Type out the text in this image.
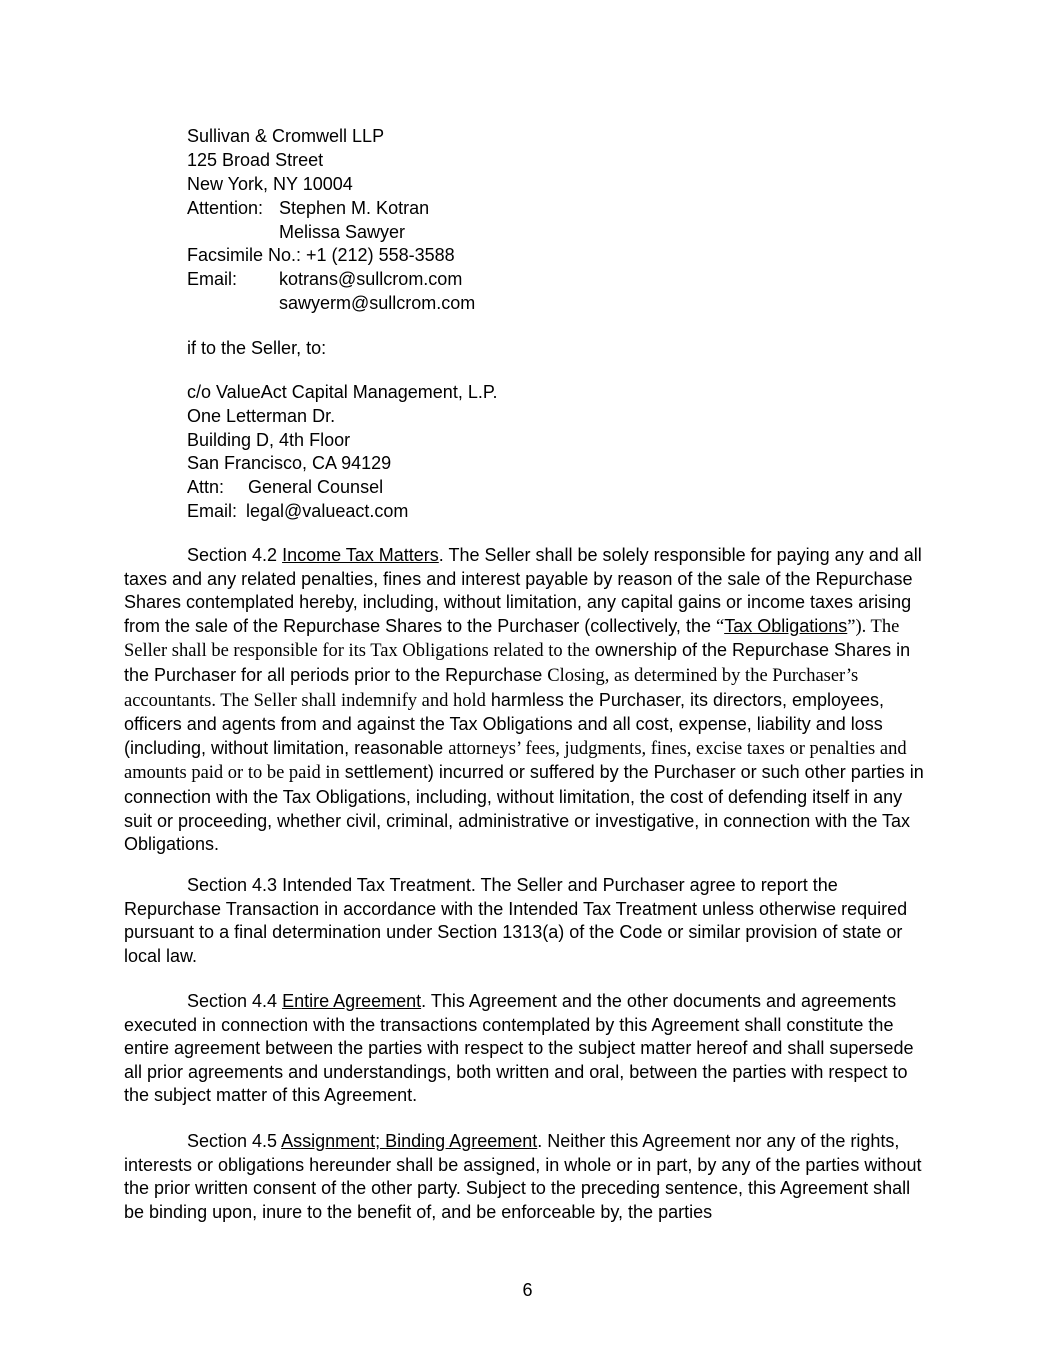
Sullivan & Cromwell LLP
125 Broad Street
New York, NY 10004
Attention: Stephen M. Kotran
Melissa Sawyer
Facsimile No.: +1 (212) 558-3588
Email: kotrans@sullcrom.com
sawyerm@sullcrom.com
if to the Seller, to:
c/o ValueAct Capital Management, L.P.
One Letterman Dr.
Building D, 4th Floor
San Francisco, CA 94129
Attn: General Counsel
Email: legal@valueact.com
Section 4.2 Income Tax Matters. The Seller shall be solely responsible for paying any and all taxes and any related penalties, fines and interest payable by reason of the sale of the Repurchase Shares contemplated hereby, including, without limitation, any capital gains or income taxes arising from the sale of the Repurchase Shares to the Purchaser (collectively, the “Tax Obligations”). The Seller shall be responsible for its Tax Obligations related to the ownership of the Repurchase Shares in the Purchaser for all periods prior to the Repurchase Closing, as determined by the Purchaser’s accountants. The Seller shall indemnify and hold harmless the Purchaser, its directors, employees, officers and agents from and against the Tax Obligations and all cost, expense, liability and loss (including, without limitation, reasonable attorneys’ fees, judgments, fines, excise taxes or penalties and amounts paid or to be paid in settlement) incurred or suffered by the Purchaser or such other parties in connection with the Tax Obligations, including, without limitation, the cost of defending itself in any suit or proceeding, whether civil, criminal, administrative or investigative, in connection with the Tax Obligations.
Section 4.3 Intended Tax Treatment. The Seller and Purchaser agree to report the Repurchase Transaction in accordance with the Intended Tax Treatment unless otherwise required pursuant to a final determination under Section 1313(a) of the Code or similar provision of state or local law.
Section 4.4 Entire Agreement. This Agreement and the other documents and agreements executed in connection with the transactions contemplated by this Agreement shall constitute the entire agreement between the parties with respect to the subject matter hereof and shall supersede all prior agreements and understandings, both written and oral, between the parties with respect to the subject matter of this Agreement.
Section 4.5 Assignment; Binding Agreement. Neither this Agreement nor any of the rights, interests or obligations hereunder shall be assigned, in whole or in part, by any of the parties without the prior written consent of the other party. Subject to the preceding sentence, this Agreement shall be binding upon, inure to the benefit of, and be enforceable by, the parties
6
